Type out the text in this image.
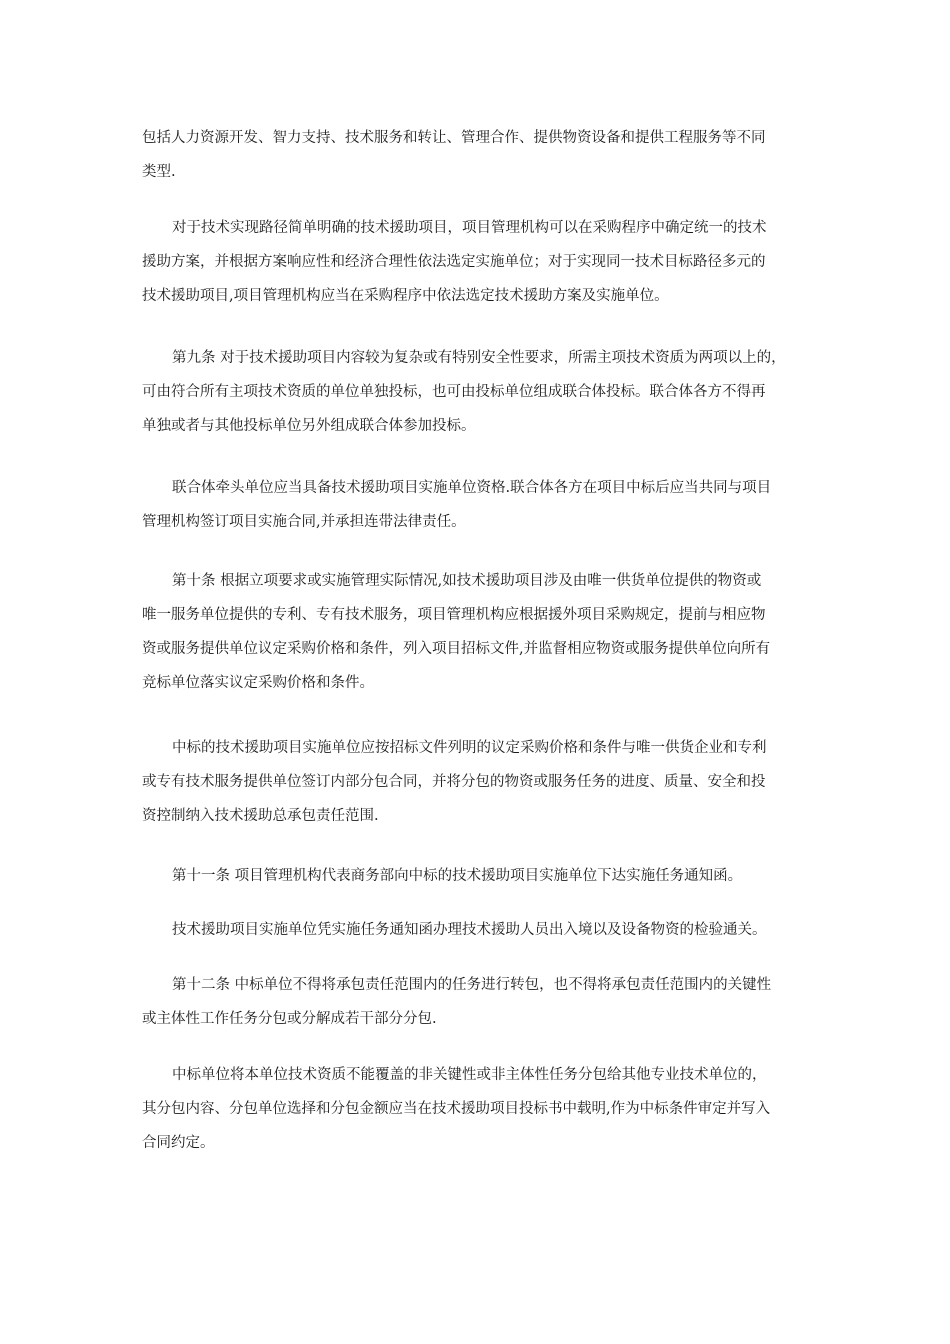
包括人力资源开发、智力支持、技术服务和转让、管理合作、提供物资设备和提供工程服务等不同
类型.
对于技术实现路径简单明确的技术援助项目，项目管理机构可以在采购程序中确定统一的技术
援助方案，并根据方案响应性和经济合理性依法选定实施单位；对于实现同一技术目标路径多元的
技术援助项目,项目管理机构应当在采购程序中依法选定技术援助方案及实施单位。
第九条 对于技术援助项目内容较为复杂或有特别安全性要求，所需主项技术资质为两项以上的，
可由符合所有主项技术资质的单位单独投标，也可由投标单位组成联合体投标。联合体各方不得再
单独或者与其他投标单位另外组成联合体参加投标。
联合体牵头单位应当具备技术援助项目实施单位资格.联合体各方在项目中标后应当共同与项目
管理机构签订项目实施合同,并承担连带法律责任。
第十条 根据立项要求或实施管理实际情况,如技术援助项目涉及由唯一供货单位提供的物资或
唯一服务单位提供的专利、专有技术服务，项目管理机构应根据援外项目采购规定，提前与相应物
资或服务提供单位议定采购价格和条件，列入项目招标文件,并监督相应物资或服务提供单位向所有
竞标单位落实议定采购价格和条件。
中标的技术援助项目实施单位应按招标文件列明的议定采购价格和条件与唯一供货企业和专利
或专有技术服务提供单位签订内部分包合同，并将分包的物资或服务任务的进度、质量、安全和投
资控制纳入技术援助总承包责任范围.
第十一条 项目管理机构代表商务部向中标的技术援助项目实施单位下达实施任务通知函。
技术援助项目实施单位凭实施任务通知函办理技术援助人员出入境以及设备物资的检验通关。
第十二条 中标单位不得将承包责任范围内的任务进行转包，也不得将承包责任范围内的关键性
或主体性工作任务分包或分解成若干部分分包.
中标单位将本单位技术资质不能覆盖的非关键性或非主体性任务分包给其他专业技术单位的，
其分包内容、分包单位选择和分包金额应当在技术援助项目投标书中载明,作为中标条件审定并写入
合同约定。
